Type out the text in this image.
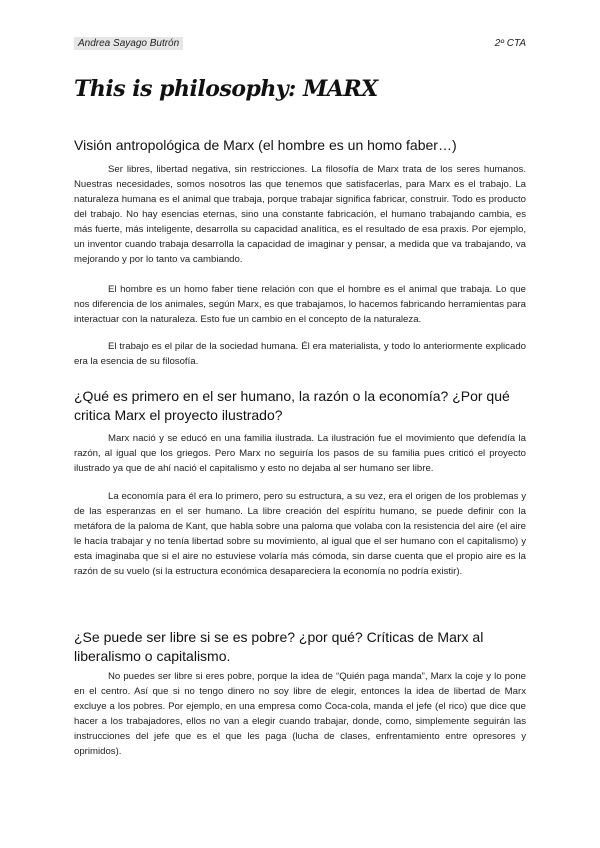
Andrea Sayago Butrón	2º CTA
This is philosophy: MARX
Visión antropológica de Marx (el hombre es un homo faber…)

Ser libres, libertad negativa, sin restricciones. La filosofía de Marx trata de los seres humanos. Nuestras necesidades, somos nosotros las que tenemos que satisfacerlas, para Marx es el trabajo. La naturaleza humana es el animal que trabaja, porque trabajar significa fabricar, construir. Todo es producto del trabajo. No hay esencias eternas, sino una constante fabricación, el humano trabajando cambia, es más fuerte, más inteligente, desarrolla su capacidad analítica, es el resultado de esa praxis. Por ejemplo, un inventor cuando trabaja desarrolla la capacidad de imaginar y pensar, a medida que va trabajando, va mejorando y por lo tanto va cambiando.

El hombre es un homo faber tiene relación con que el hombre es el animal que trabaja. Lo que nos diferencia de los animales, según Marx, es que trabajamos, lo hacemos fabricando herramientas para interactuar con la naturaleza. Esto fue un cambio en el concepto de la naturaleza.

El trabajo es el pilar de la sociedad humana. Él era materialista, y todo lo anteriormente explicado era la esencia de su filosofía.

¿Qué es primero en el ser humano, la razón o la economía? ¿Por qué critica Marx el proyecto ilustrado?

Marx nació y se educó en una familia ilustrada. La ilustración fue el movimiento que defendía la razón, al igual que los griegos. Pero Marx no seguiría los pasos de su familia pues criticó el proyecto ilustrado ya que de ahí nació el capitalismo y esto no dejaba al ser humano ser libre.

La economía para él era lo primero, pero su estructura, a su vez, era el origen de los problemas y de las esperanzas en el ser humano. La libre creación del espíritu humano, se puede definir con la metáfora de la paloma de Kant, que habla sobre una paloma que volaba con la resistencia del aire (el aire le hacía trabajar y no tenía libertad sobre su movimiento, al igual que el ser humano con el capitalismo) y esta imaginaba que si el aire no estuviese volaría más cómoda, sin darse cuenta que el propio aire es la razón de su vuelo (si la estructura económica desapareciera la economía no podría existir).

¿Se puede ser libre si se es pobre? ¿por qué? Críticas de Marx al liberalismo o capitalismo.

No puedes ser libre si eres pobre, porque la idea de “Quién paga manda”, Marx la coje y lo pone en el centro. Así que si no tengo dinero no soy libre de elegir, entonces la idea de libertad de Marx excluye a los pobres. Por ejemplo, en una empresa como Coca-cola, manda el jefe (el rico) que dice que hacer a los trabajadores, ellos no van a elegir cuando trabajar, donde, como, simplemente seguirán las instrucciones del jefe que es el que les paga (lucha de clases, enfrentamiento entre opresores y oprimidos).
